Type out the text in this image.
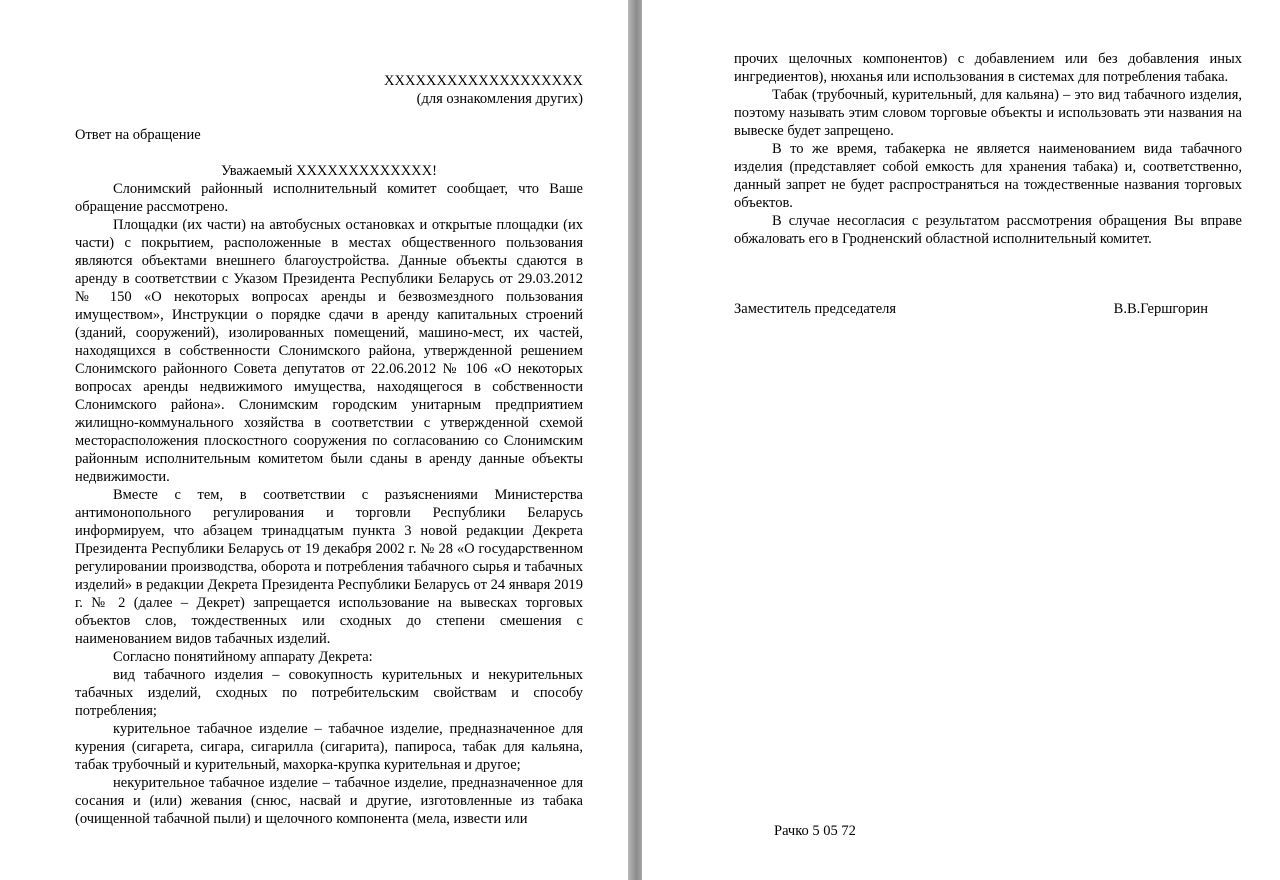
ХХХХХХХХХХХХХХХХХХХ
(для ознакомления других)
Ответ на обращение
Уважаемый ХХХХХХХХХХХХХ!

Слонимский районный исполнительный комитет сообщает, что Ваше обращение рассмотрено.

Площадки (их части) на автобусных остановках и открытые площадки (их части) с покрытием, расположенные в местах общественного пользования являются объектами внешнего благоустройства. Данные объекты сдаются в аренду в соответствии с Указом Президента Республики Беларусь от 29.03.2012 № 150 «О некоторых вопросах аренды и безвозмездного пользования имуществом», Инструкции о порядке сдачи в аренду капитальных строений (зданий, сооружений), изолированных помещений, машино-мест, их частей, находящихся в собственности Слонимского района, утвержденной решением Слонимского районного Совета депутатов от 22.06.2012 № 106 «О некоторых вопросах аренды недвижимого имущества, находящегося в собственности Слонимского района». Слонимским городским унитарным предприятием жилищно-коммунального хозяйства в соответствии с утвержденной схемой месторасположения плоскостного сооружения по согласованию со Слонимским районным исполнительным комитетом были сданы в аренду данные объекты недвижимости.

Вместе с тем, в соответствии с разъяснениями Министерства антимонопольного регулирования и торговли Республики Беларусь информируем, что абзацем тринадцатым пункта 3 новой редакции Декрета Президента Республики Беларусь от 19 декабря 2002 г. № 28 «О государственном регулировании производства, оборота и потребления табачного сырья и табачных изделий» в редакции Декрета Президента Республики Беларусь от 24 января 2019 г. № 2 (далее – Декрет) запрещается использование на вывесках торговых объектов слов, тождественных или сходных до степени смешения с наименованием видов табачных изделий.

Согласно понятийному аппарату Декрета:

вид табачного изделия – совокупность курительных и некурительных табачных изделий, сходных по потребительским свойствам и способу потребления;

курительное табачное изделие – табачное изделие, предназначенное для курения (сигарета, сигара, сигарилла (сигарита), папироса, табак для кальяна, табак трубочный и курительный, махорка-крупка курительная и другое;

некурительное табачное изделие – табачное изделие, предназначенное для сосания и (или) жевания (снюс, насвай и другие, изготовленные из табака (очищенной табачной пыли) и щелочного компонента (мела, извести или

прочих щелочных компонентов) с добавлением или без добавления иных ингредиентов), нюханья или использования в системах для потребления табака.

Табак (трубочный, курительный, для кальяна) – это вид табачного изделия, поэтому называть этим словом торговые объекты и использовать эти названия на вывеске будет запрещено.

В то же время, табакерка не является наименованием вида табачного изделия (представляет собой емкость для хранения табака) и, соответственно, данный запрет не будет распространяться на тождественные названия торговых объектов.

В случае несогласия с результатом рассмотрения обращения Вы вправе обжаловать его в Гродненский областной исполнительный комитет.

Заместитель председателя	В.В.Гершгорин
Рачко 5 05 72
